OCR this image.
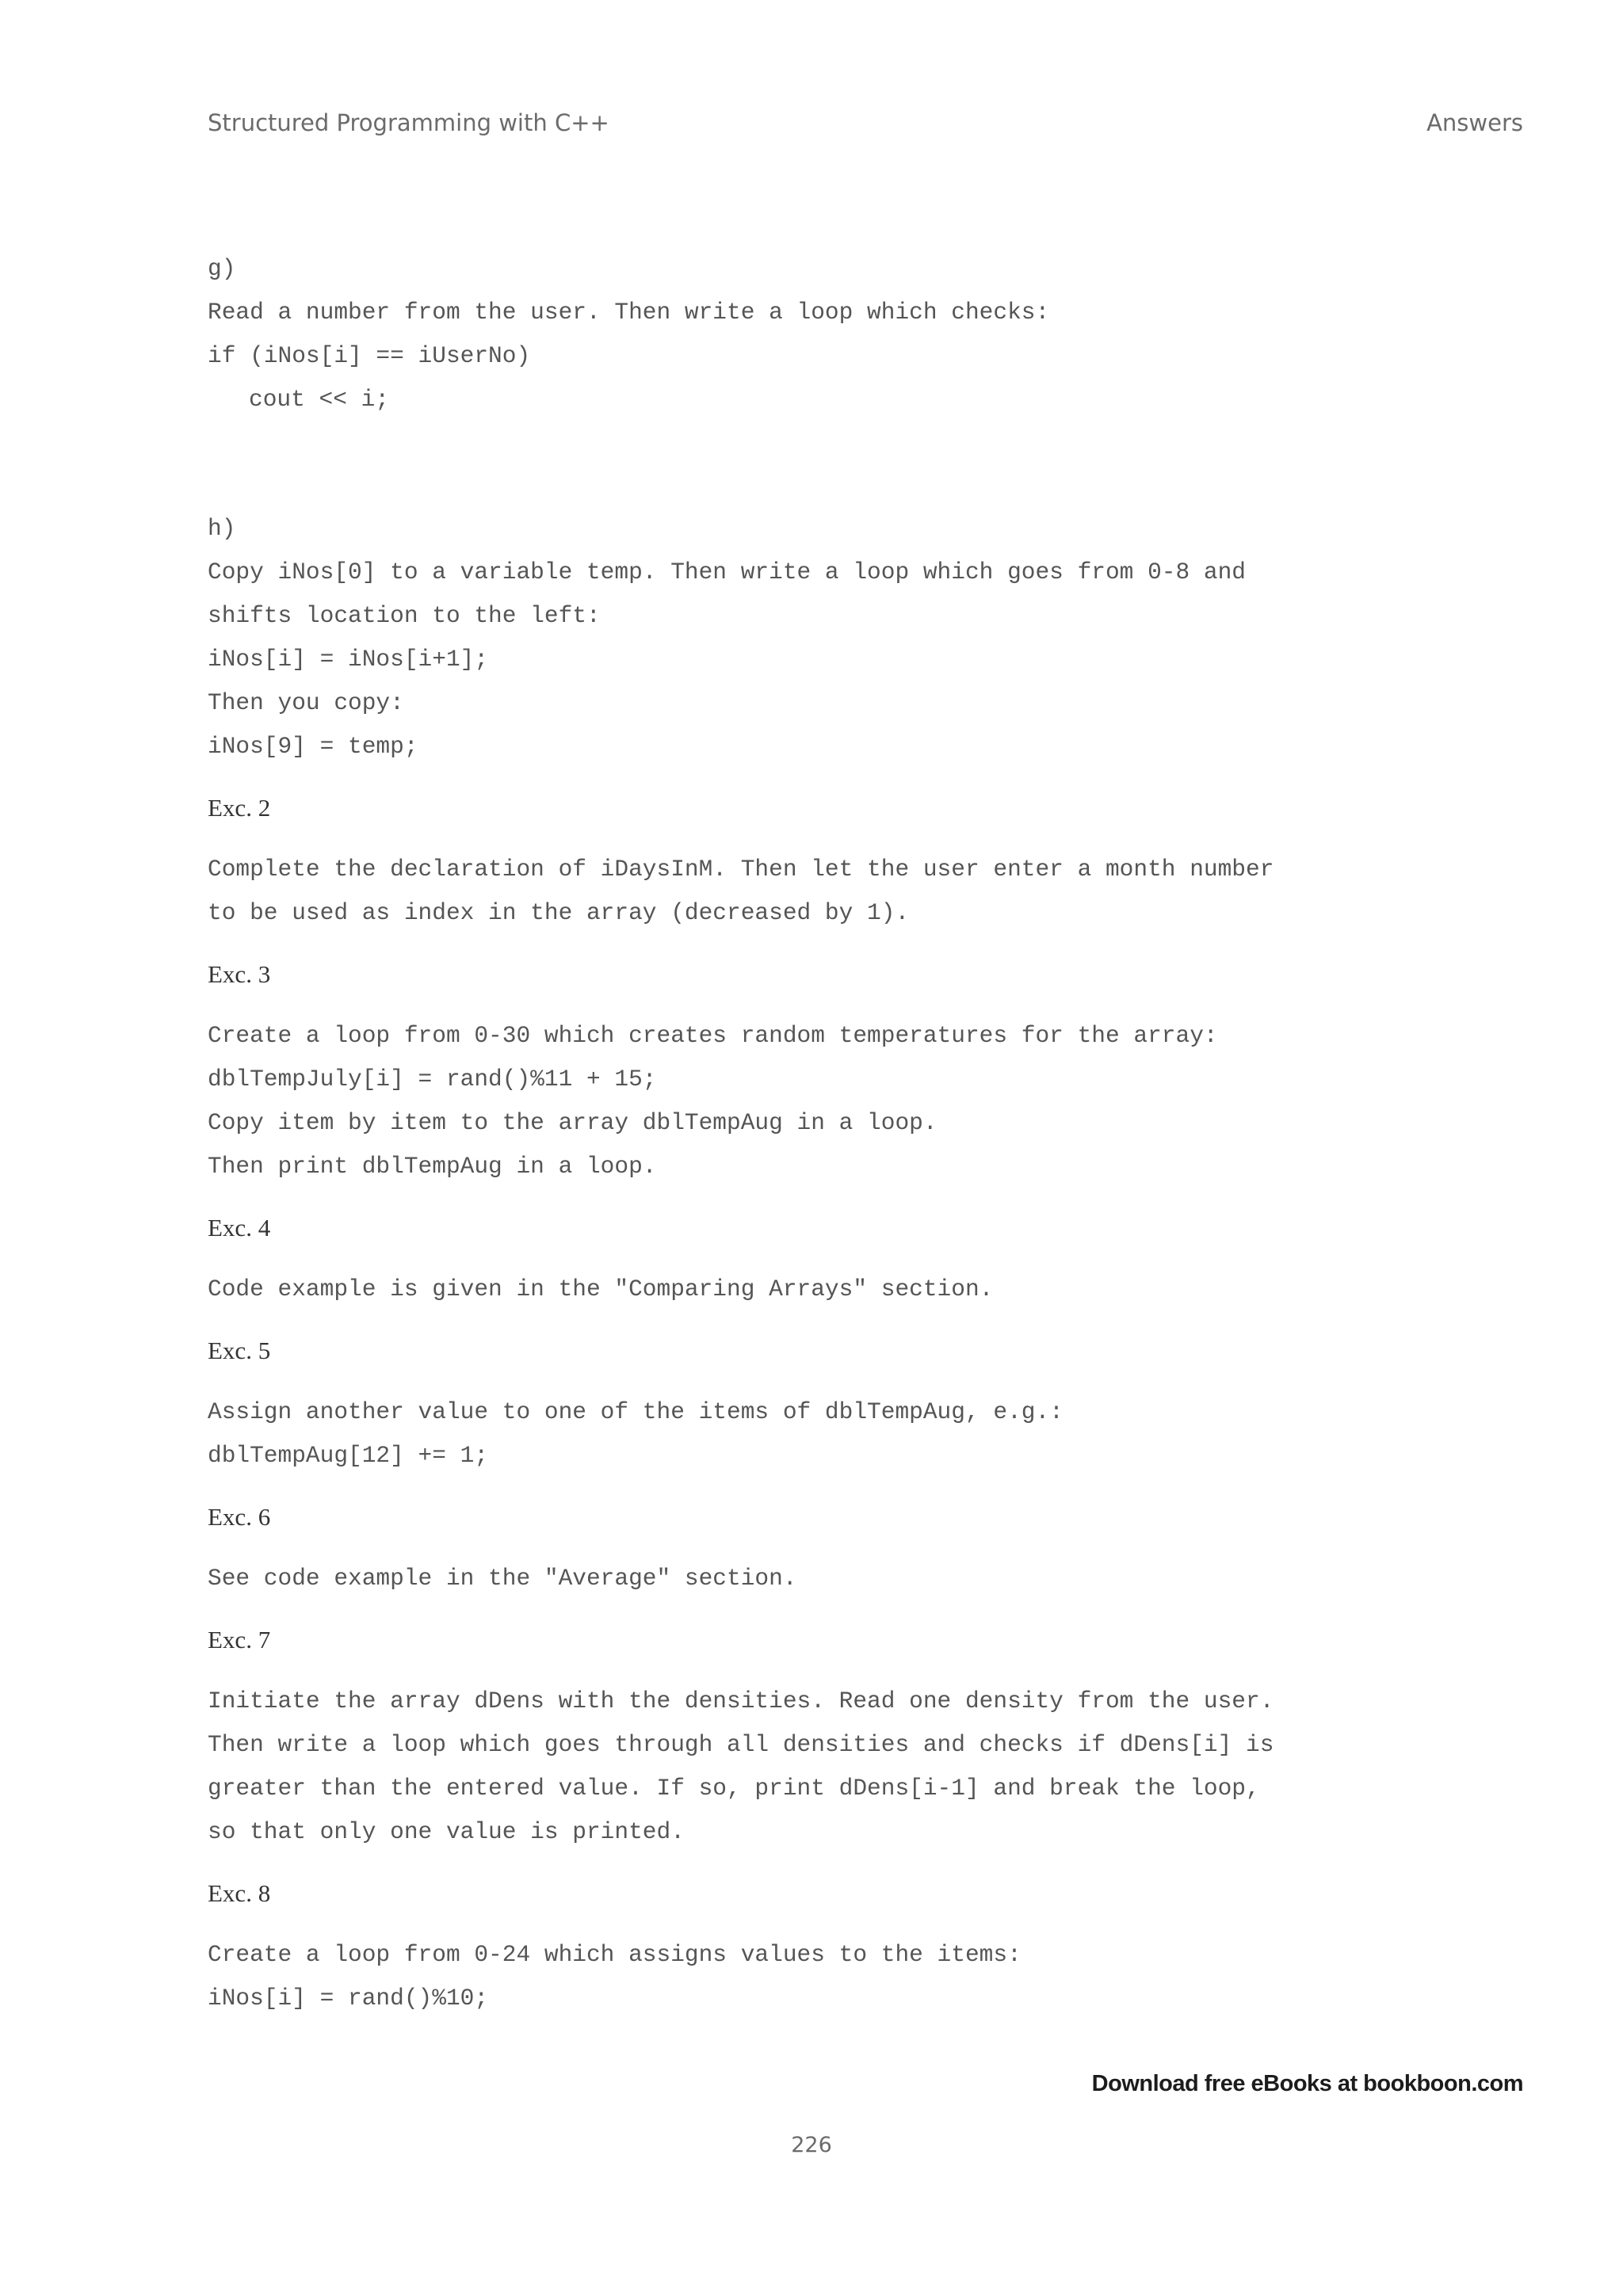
Structured Programming with C++	Answers

g)

Read a number from the user. Then write a loop which checks:

if (iNos[i] == iUserNo)

cout << i;

h)

Copy iNos[0] to a variable temp. Then write a loop which goes from 0-8 and

shifts location to the left:

iNos[i] = iNos[i+1];

Then you copy:

iNos[9] = temp;

Exc. 2

Complete the declaration of iDaysInM. Then let the user enter a month number

to be used as index in the array (decreased by 1).

Exc. 3

Create a loop from 0-30 which creates random temperatures for the array:

dblTempJuly[i] = rand()%11 + 15;

Copy item by item to the array dblTempAug in a loop.

Then print dblTempAug in a loop.

Exc. 4

Code example is given in the "Comparing Arrays" section.

Exc. 5

Assign another value to one of the items of dblTempAug, e.g.:

dblTempAug[12] += 1;

Exc. 6

See code example in the "Average" section.

Exc. 7

Initiate the array dDens with the densities. Read one density from the user.

Then write a loop which goes through all densities and checks if dDens[i] is

greater than the entered value. If so, print dDens[i-1] and break the loop,

so that only one value is printed.

Exc. 8

Create a loop from 0-24 which assigns values to the items:

iNos[i] = rand()%10;

Download free eBooks at bookboon.com
226
